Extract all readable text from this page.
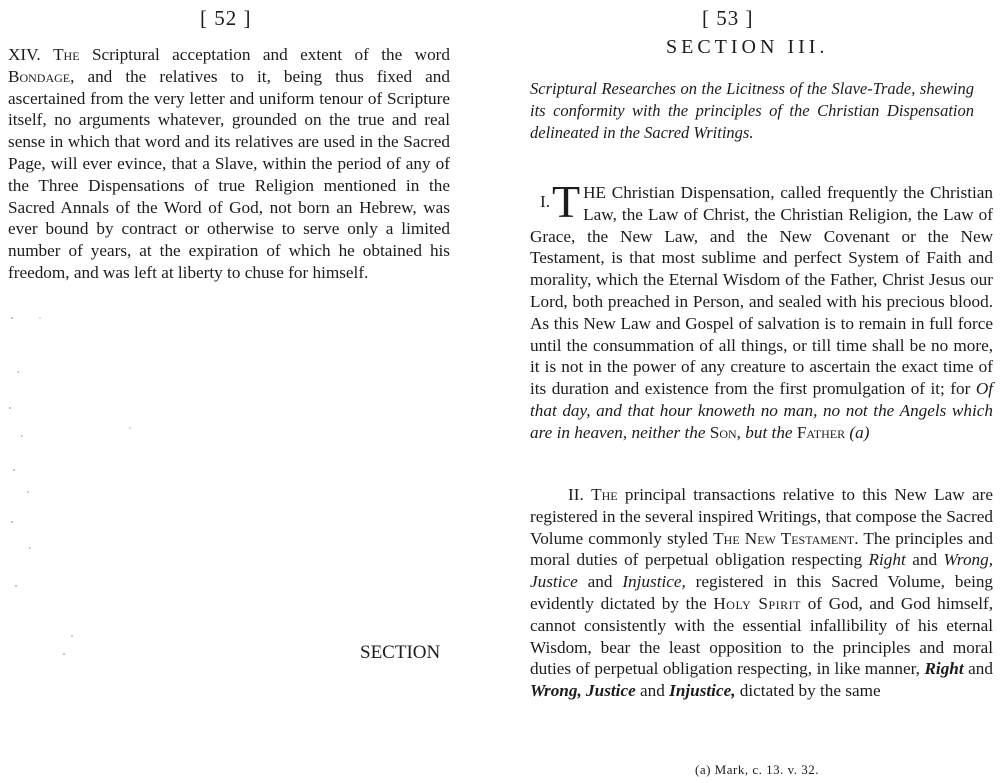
[ 52 ]

XIV. The Scriptural acceptation and extent of the word Bondage, and the relatives to it, being thus fixed and ascertained from the very letter and uniform tenour of Scripture itself, no arguments whatever, grounded on the true and real sense in which that word and its relatives are used in the Sacred Page, will ever evince, that a Slave, within the period of any of the Three Dispensations of true Religion mentioned in the Sacred Annals of the Word of God, not born an Hebrew, was ever bound by contract or otherwise to serve only a limited number of years, at the expiration of which he obtained his freedom, and was left at liberty to chuse for himself.

SECTION
[ 53 ]
SECTION III.
Scriptural Researches on the Licitness of the Slave-Trade, shewing its conformity with the principles of the Christian Dispensation delineated in the Sacred Writings.

$^{I.}$T HE Christian Dispensation, called frequently the Christian Law, the Law of Christ, the Christian Religion, the Law of Grace, the New Law, and the New Covenant or the New Testament, is that most sublime and perfect System of Faith and morality, which the Eternal Wisdom of the Father, Christ Jesus our Lord, both preached in Person, and sealed with his precious blood. As this New Law and Gospel of salvation is to remain in full force until the consummation of all things, or till time shall be no more, it is not in the power of any creature to ascertain the exact time of its duration and existence from the first promulgation of it; for Of that day, and that hour knoweth no man, no not the Angels which are in heaven, neither the Son, but the Father (a)

II. The principal transactions relative to this New Law are registered in the several inspired Writings, that compose the Sacred Volume commonly styled The New Testament. The principles and moral duties of perpetual obligation respecting Right and Wrong, Justice and Injustice, registered in this Sacred Volume, being evidently dictated by the Holy Spirit of God, and God himself, cannot consistently with the essential infallibility of his eternal Wisdom, bear the least opposition to the principles and moral duties of perpetual obligation respecting, in like manner, Right and Wrong, Justice and Injustice, dictated by the same

(a) Mark, c. 13. v. 32.
